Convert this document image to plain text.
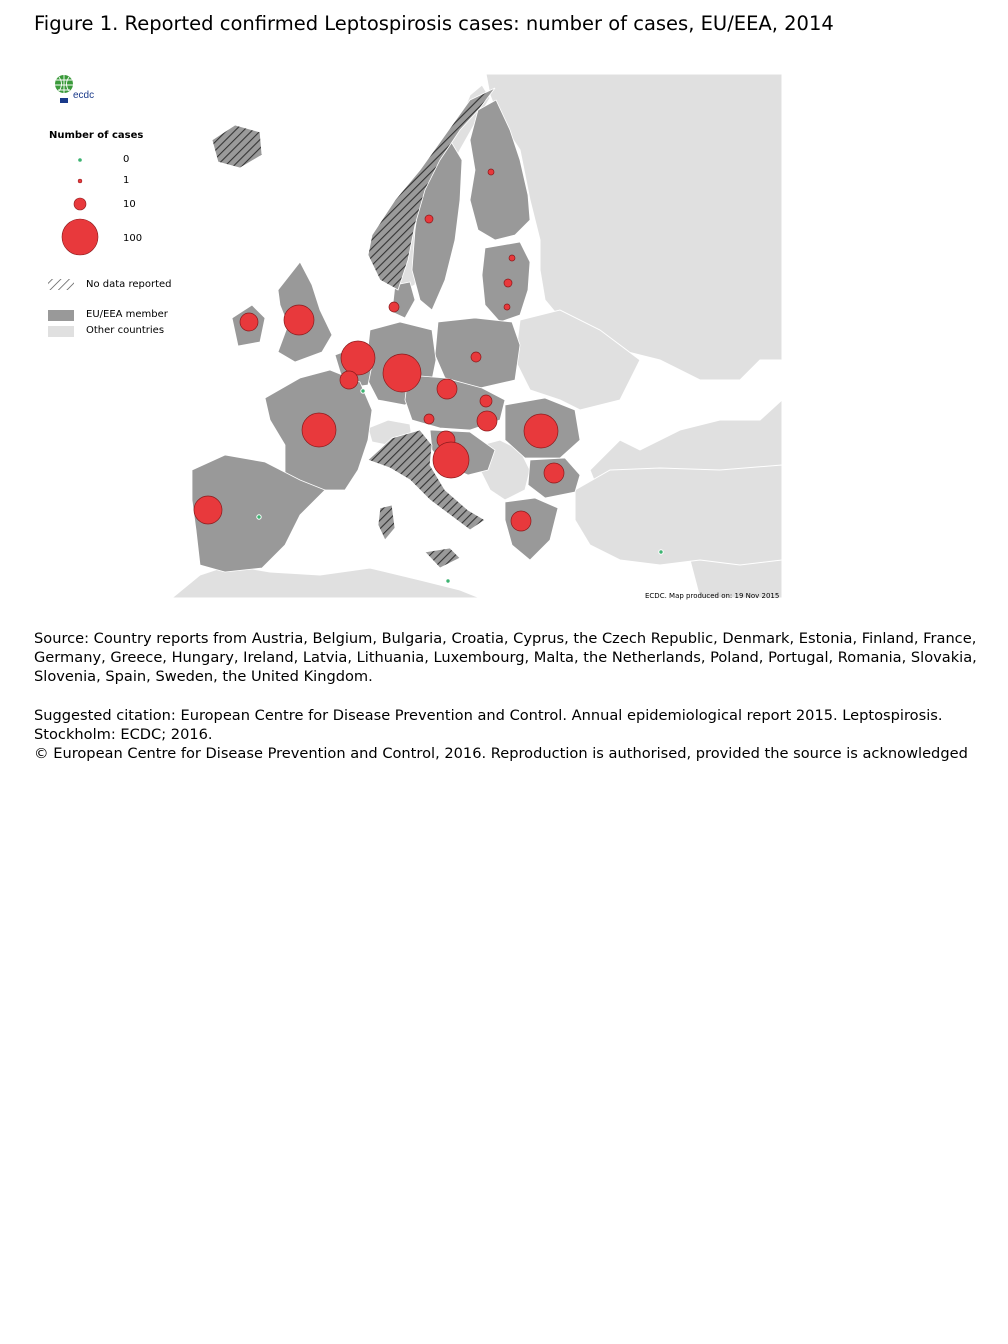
Figure 1. Reported confirmed Leptospirosis cases: number of cases, EU/EEA, 2014
ecdc
Number of cases
0
1
10
100
No data reported
EU/EEA member
Other countries
ECDC. Map produced on: 19 Nov 2015
Source: Country reports from Austria, Belgium, Bulgaria, Croatia, Cyprus, the Czech Republic, Denmark, Estonia, Finland, France, Germany, Greece, Hungary, Ireland, Latvia, Lithuania, Luxembourg, Malta, the Netherlands, Poland, Portugal, Romania, Slovakia, Slovenia, Spain, Sweden, the United Kingdom.
Suggested citation: European Centre for Disease Prevention and Control. Annual epidemiological report 2015. Leptospirosis. Stockholm: ECDC; 2016.
© European Centre for Disease Prevention and Control, 2016. Reproduction is authorised, provided the source is acknowledged
